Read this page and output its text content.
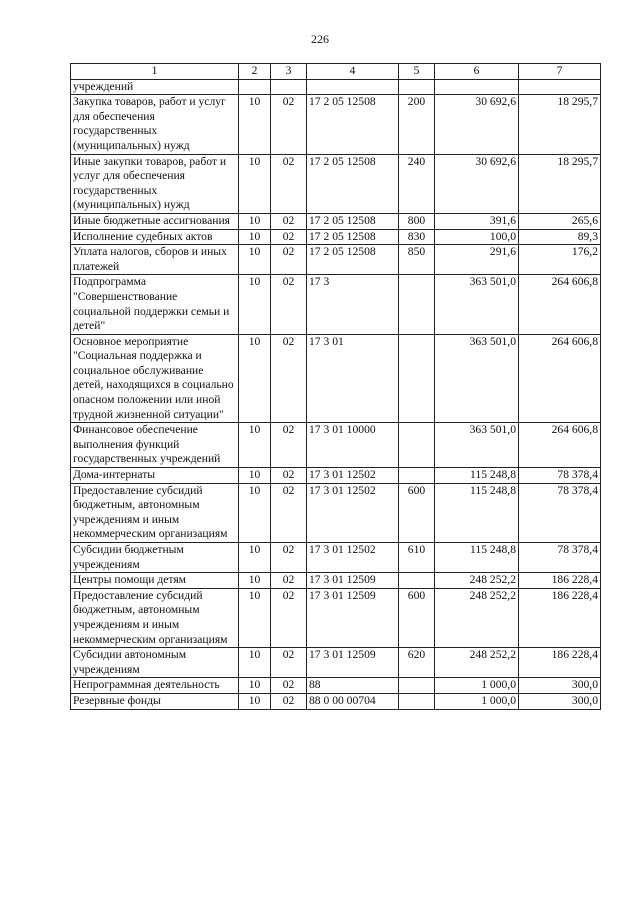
226
1	2	3	4	5	6	7
учреждений						
Закупка товаров, работ и услуг для обеспечения государственных (муниципальных) нужд	10	02	17 2 05 12508	200	30 692,6	18 295,7
Иные закупки товаров, работ и услуг для обеспечения государственных (муниципальных) нужд	10	02	17 2 05 12508	240	30 692,6	18 295,7
Иные бюджетные ассигнования	10	02	17 2 05 12508	800	391,6	265,6
Исполнение судебных актов	10	02	17 2 05 12508	830	100,0	89,3
Уплата налогов, сборов и иных платежей	10	02	17 2 05 12508	850	291,6	176,2
Подпрограмма "Совершенствование социальной поддержки семьи и детей"	10	02	17 3		363 501,0	264 606,8
Основное мероприятие "Социальная поддержка и социальное обслуживание детей, находящихся в социально опасном положении или иной трудной жизненной ситуации"	10	02	17 3 01		363 501,0	264 606,8
Финансовое обеспечение выполнения функций государственных учреждений	10	02	17 3 01 10000		363 501,0	264 606,8
Дома-интернаты	10	02	17 3 01 12502		115 248,8	78 378,4
Предоставление субсидий бюджетным, автономным учреждениям и иным некоммерческим организациям	10	02	17 3 01 12502	600	115 248,8	78 378,4
Субсидии бюджетным учреждениям	10	02	17 3 01 12502	610	115 248,8	78 378,4
Центры помощи детям	10	02	17 3 01 12509		248 252,2	186 228,4
Предоставление субсидий бюджетным, автономным учреждениям и иным некоммерческим организациям	10	02	17 3 01 12509	600	248 252,2	186 228,4
Субсидии автономным учреждениям	10	02	17 3 01 12509	620	248 252,2	186 228,4
Непрограммная деятельность	10	02	88		1 000,0	300,0
Резервные фонды	10	02	88 0 00 00704		1 000,0	300,0
